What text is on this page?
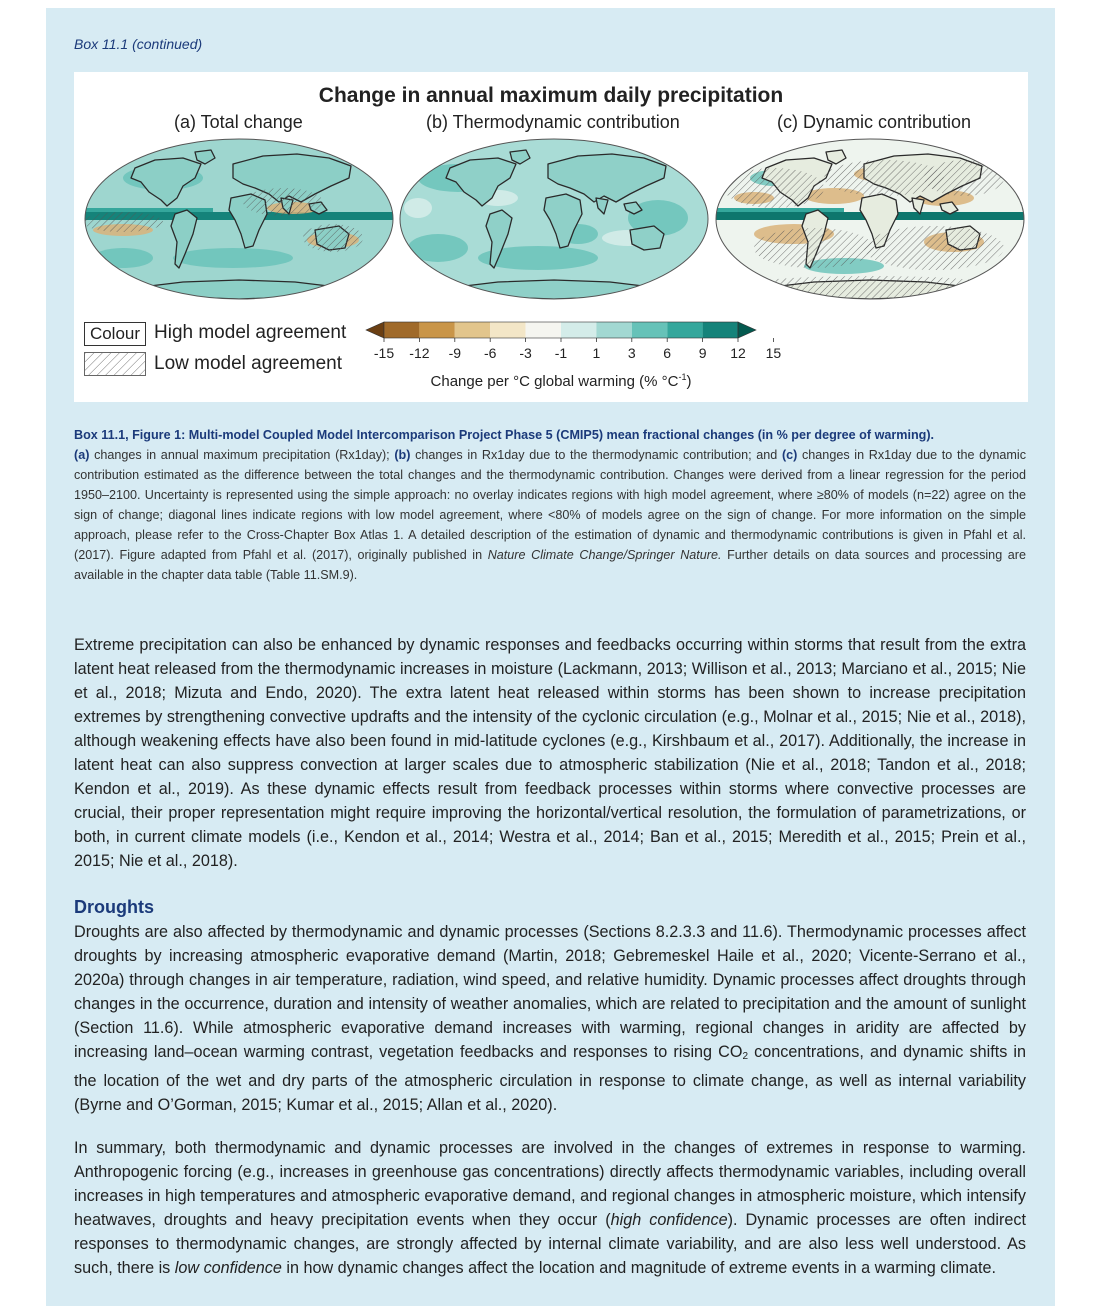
Box 11.1 (continued)
Change in annual maximum daily precipitation
(a) Total change	(b) Thermodynamic contribution	(c) Dynamic contribution
Colour High model agreement
Low model agreement -15 -12 -9 -6 -3 -1 1 3 6 9 12 15
Change per °C global warming (% $^\circ C^{-1}$)
Box 11.1, Figure 1: Multi-model Coupled Model Intercomparison Project Phase 5 (CMIP5) mean fractional changes (in % per degree of warming).
(a) changes in annual maximum precipitation (Rx1day); (b) changes in Rx1day due to the thermodynamic contribution; and (c) changes in Rx1day due to the dynamic contribution estimated as the difference between the total changes and the thermodynamic contribution. Changes were derived from a linear regression for the period 1950–2100. Uncertainty is represented using the simple approach: no overlay indicates regions with high model agreement, where ≥80% of models (n=22) agree on the sign of change; diagonal lines indicate regions with low model agreement, where <80% of models agree on the sign of change. For more information on the simple approach, please refer to the Cross-Chapter Box Atlas 1. A detailed description of the estimation of dynamic and thermodynamic contributions is given in Pfahl et al. (2017). Figure adapted from Pfahl et al. (2017), originally published in Nature Climate Change/Springer Nature. Further details on data sources and processing are available in the chapter data table (Table 11.SM.9).
Extreme precipitation can also be enhanced by dynamic responses and feedbacks occurring within storms that result from the extra latent heat released from the thermodynamic increases in moisture (Lackmann, 2013; Willison et al., 2013; Marciano et al., 2015; Nie et al., 2018; Mizuta and Endo, 2020). The extra latent heat released within storms has been shown to increase precipitation extremes by strengthening convective updrafts and the intensity of the cyclonic circulation (e.g., Molnar et al., 2015; Nie et al., 2018), although weakening effects have also been found in mid-latitude cyclones (e.g., Kirshbaum et al., 2017). Additionally, the increase in latent heat can also suppress convection at larger scales due to atmospheric stabilization (Nie et al., 2018; Tandon et al., 2018; Kendon et al., 2019). As these dynamic effects result from feedback processes within storms where convective processes are crucial, their proper representation might require improving the horizontal/vertical resolution, the formulation of parametrizations, or both, in current climate models (i.e., Kendon et al., 2014; Westra et al., 2014; Ban et al., 2015; Meredith et al., 2015; Prein et al., 2015; Nie et al., 2018).
Droughts
Droughts are also affected by thermodynamic and dynamic processes (Sections 8.2.3.3 and 11.6). Thermodynamic processes affect droughts by increasing atmospheric evaporative demand (Martin, 2018; Gebremeskel Haile et al., 2020; Vicente-Serrano et al., 2020a) through changes in air temperature, radiation, wind speed, and relative humidity. Dynamic processes affect droughts through changes in the occurrence, duration and intensity of weather anomalies, which are related to precipitation and the amount of sunlight (Section 11.6). While atmospheric evaporative demand increases with warming, regional changes in aridity are affected by increasing land–ocean warming contrast, vegetation feedbacks and responses to rising $CO_2$ concentrations, and dynamic shifts in the location of the wet and dry parts of the atmospheric circulation in response to climate change, as well as internal variability (Byrne and O’Gorman, 2015; Kumar et al., 2015; Allan et al., 2020).
In summary, both thermodynamic and dynamic processes are involved in the changes of extremes in response to warming. Anthropogenic forcing (e.g., increases in greenhouse gas concentrations) directly affects thermodynamic variables, including overall increases in high temperatures and atmospheric evaporative demand, and regional changes in atmospheric moisture, which intensify heatwaves, droughts and heavy precipitation events when they occur (high confidence). Dynamic processes are often indirect responses to thermodynamic changes, are strongly affected by internal climate variability, and are also less well understood. As such, there is low confidence in how dynamic changes affect the location and magnitude of extreme events in a warming climate.
